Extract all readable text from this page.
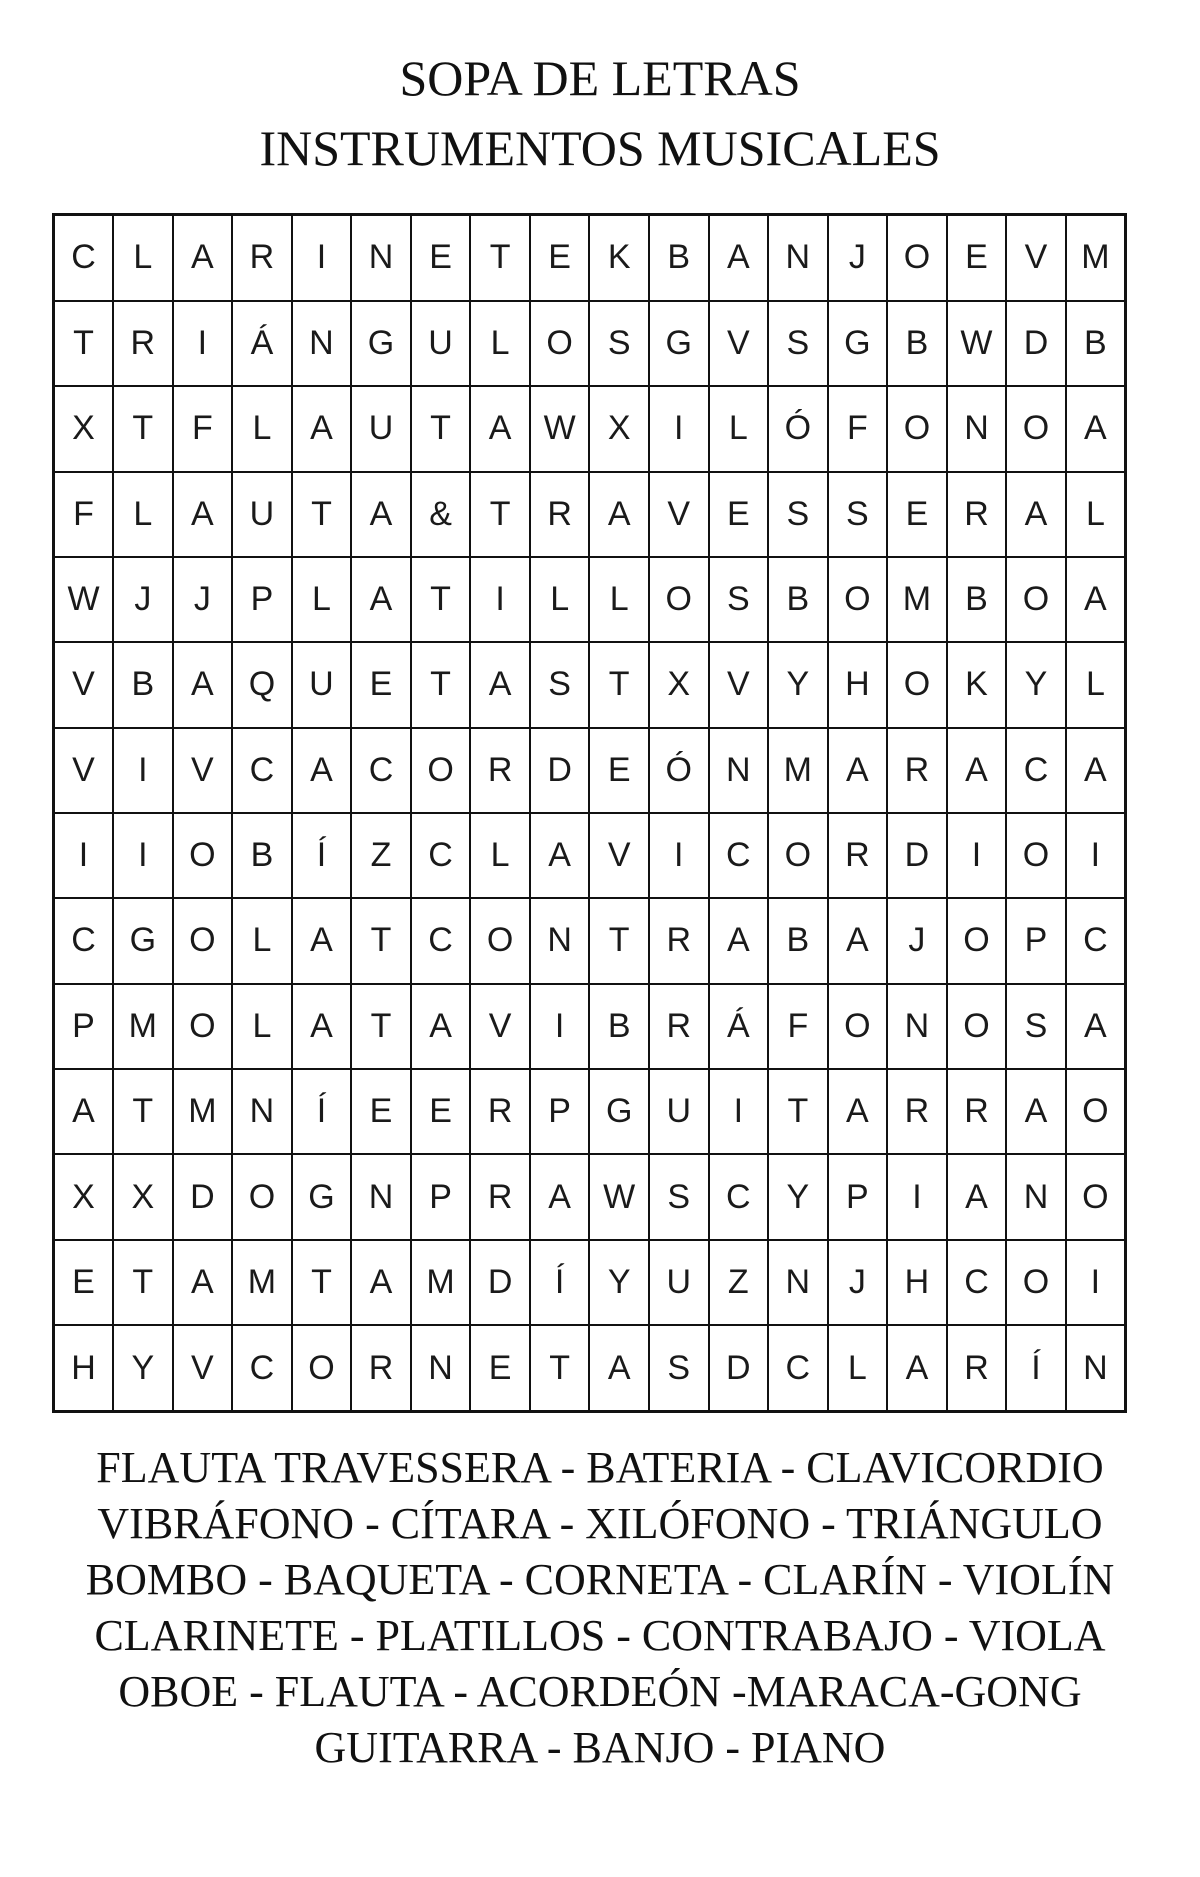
SOPA DE LETRAS
INSTRUMENTOS MUSICALES
C	L	A	R	I	N	E	T	E	K	B	A	N	J	O	E	V	M
T	R	I	Á	N	G	U	L	O	S	G	V	S	G	B	W	D	B
X	T	F	L	A	U	T	A	W	X	I	L	Ó	F	O	N	O	A
F	L	A	U	T	A	&	T	R	A	V	E	S	S	E	R	A	L
W	J	J	P	L	A	T	I	L	L	O	S	B	O	M	B	O	A
V	B	A	Q	U	E	T	A	S	T	X	V	Y	H	O	K	Y	L
V	I	V	C	A	C	O	R	D	E	Ó	N	M	A	R	A	C	A
I	I	O	B	Í	Z	C	L	A	V	I	C	O	R	D	I	O	I
C	G	O	L	A	T	C	O	N	T	R	A	B	A	J	O	P	C
P	M	O	L	A	T	A	V	I	B	R	Á	F	O	N	O	S	A
A	T	M	N	Í	E	E	R	P	G	U	I	T	A	R	R	A	O
X	X	D	O	G	N	P	R	A	W	S	C	Y	P	I	A	N	O
E	T	A	M	T	A	M	D	Í	Y	U	Z	N	J	H	C	O	I
H	Y	V	C	O	R	N	E	T	A	S	D	C	L	A	R	Í	N
FLAUTA TRAVESSERA - BATERIA - CLAVICORDIO
VIBRÁFONO - CÍTARA - XILÓFONO - TRIÁNGULO
BOMBO - BAQUETA - CORNETA - CLARÍN - VIOLÍN
CLARINETE - PLATILLOS - CONTRABAJO - VIOLA
OBOE - FLAUTA - ACORDEÓN -MARACA-GONG
GUITARRA - BANJO - PIANO
